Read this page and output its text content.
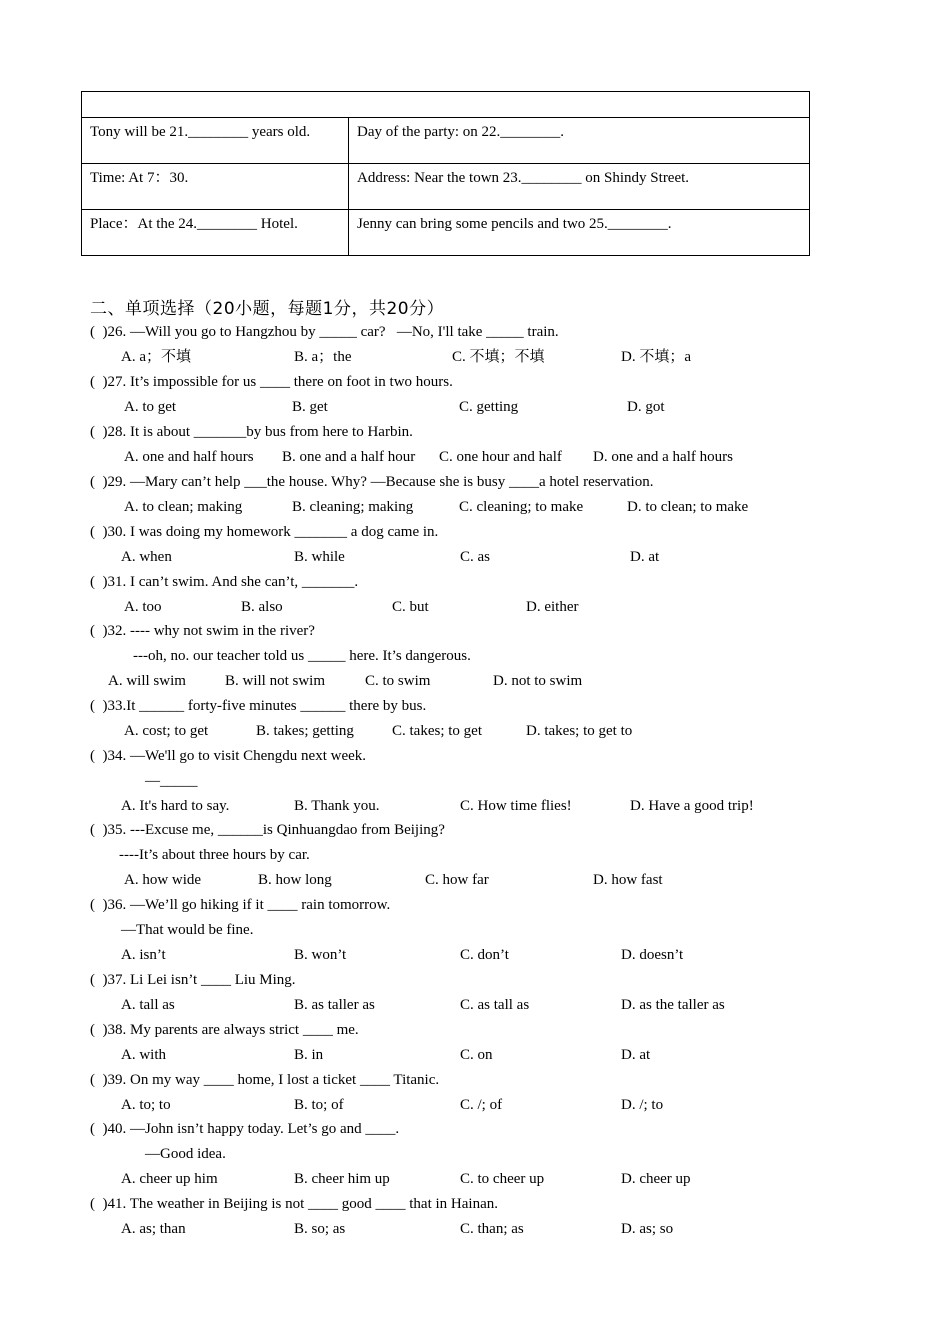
Tony will be 21.________ years old.	Day of the party: on 22.________.
Time: At 7：30.	Address: Near the town 23.________ on Shindy Street.
Place：At the 24.________ Hotel.	Jenny can bring some pencils and two 25.________.
二、单项选择（20小题，每题1分，共20分）
(  )26. —Will you go to Hangzhou by _____ car?   —No, I'll take _____ train.
A. a；不填	B. a；the	C. 不填；不填	D. 不填；a
(  )27. It’s impossible for us ____ there on foot in two hours.
A. to get	B. get	C. getting	D. got
(  )28. It is about _______by bus from here to Harbin.
A. one and half hours B. one and a half hour C. one hour and half D. one and a half hours
(  )29. —Mary can’t help ___the house. Why? —Because she is busy ____a hotel reservation.
A. to clean; making	B. cleaning; making	C. cleaning; to make	D. to clean; to make
(  )30. I was doing my homework _______ a dog came in.
A. when	B. while	C. as	D. at
(  )31. I can’t swim. And she can’t, _______.
A. too	B. also	C. but	D. either
(  )32. ---- why not swim in the river?
---oh, no. our teacher told us _____ here. It’s dangerous.
A. will swim	B. will not swim	C. to swim	D. not to swim
(  )33.It ______ forty-five minutes ______ there by bus.
A. cost; to get	B. takes; getting	C. takes; to get	D. takes; to get to
(  )34. —We'll go to visit Chengdu next week.
—_____
A. It's hard to say.	B. Thank you.	C. How time flies!	D. Have a good trip!
(  )35. ---Excuse me, ______is Qinhuangdao from Beijing?
----It’s about three hours by car.
A. how wide	B. how long	C. how far	D. how fast
(  )36. —We’ll go hiking if it ____ rain tomorrow.
—That would be fine.
A. isn’t	B. won’t	C. don’t	D. doesn’t
(  )37. Li Lei isn’t ____ Liu Ming.
A. tall as	B. as taller as	C. as tall as	D. as the taller as
(  )38. My parents are always strict ____ me.
A. with	B. in	C. on	D. at
(  )39. On my way ____ home, I lost a ticket ____ Titanic.
A. to; to	B. to; of	C. /; of	D. /; to
(  )40. —John isn’t happy today. Let’s go and ____.
—Good idea.
A. cheer up him	B. cheer him up	C. to cheer up	D. cheer up
(  )41. The weather in Beijing is not ____ good ____ that in Hainan.
A. as; than	B. so; as	C. than; as	D. as; so
